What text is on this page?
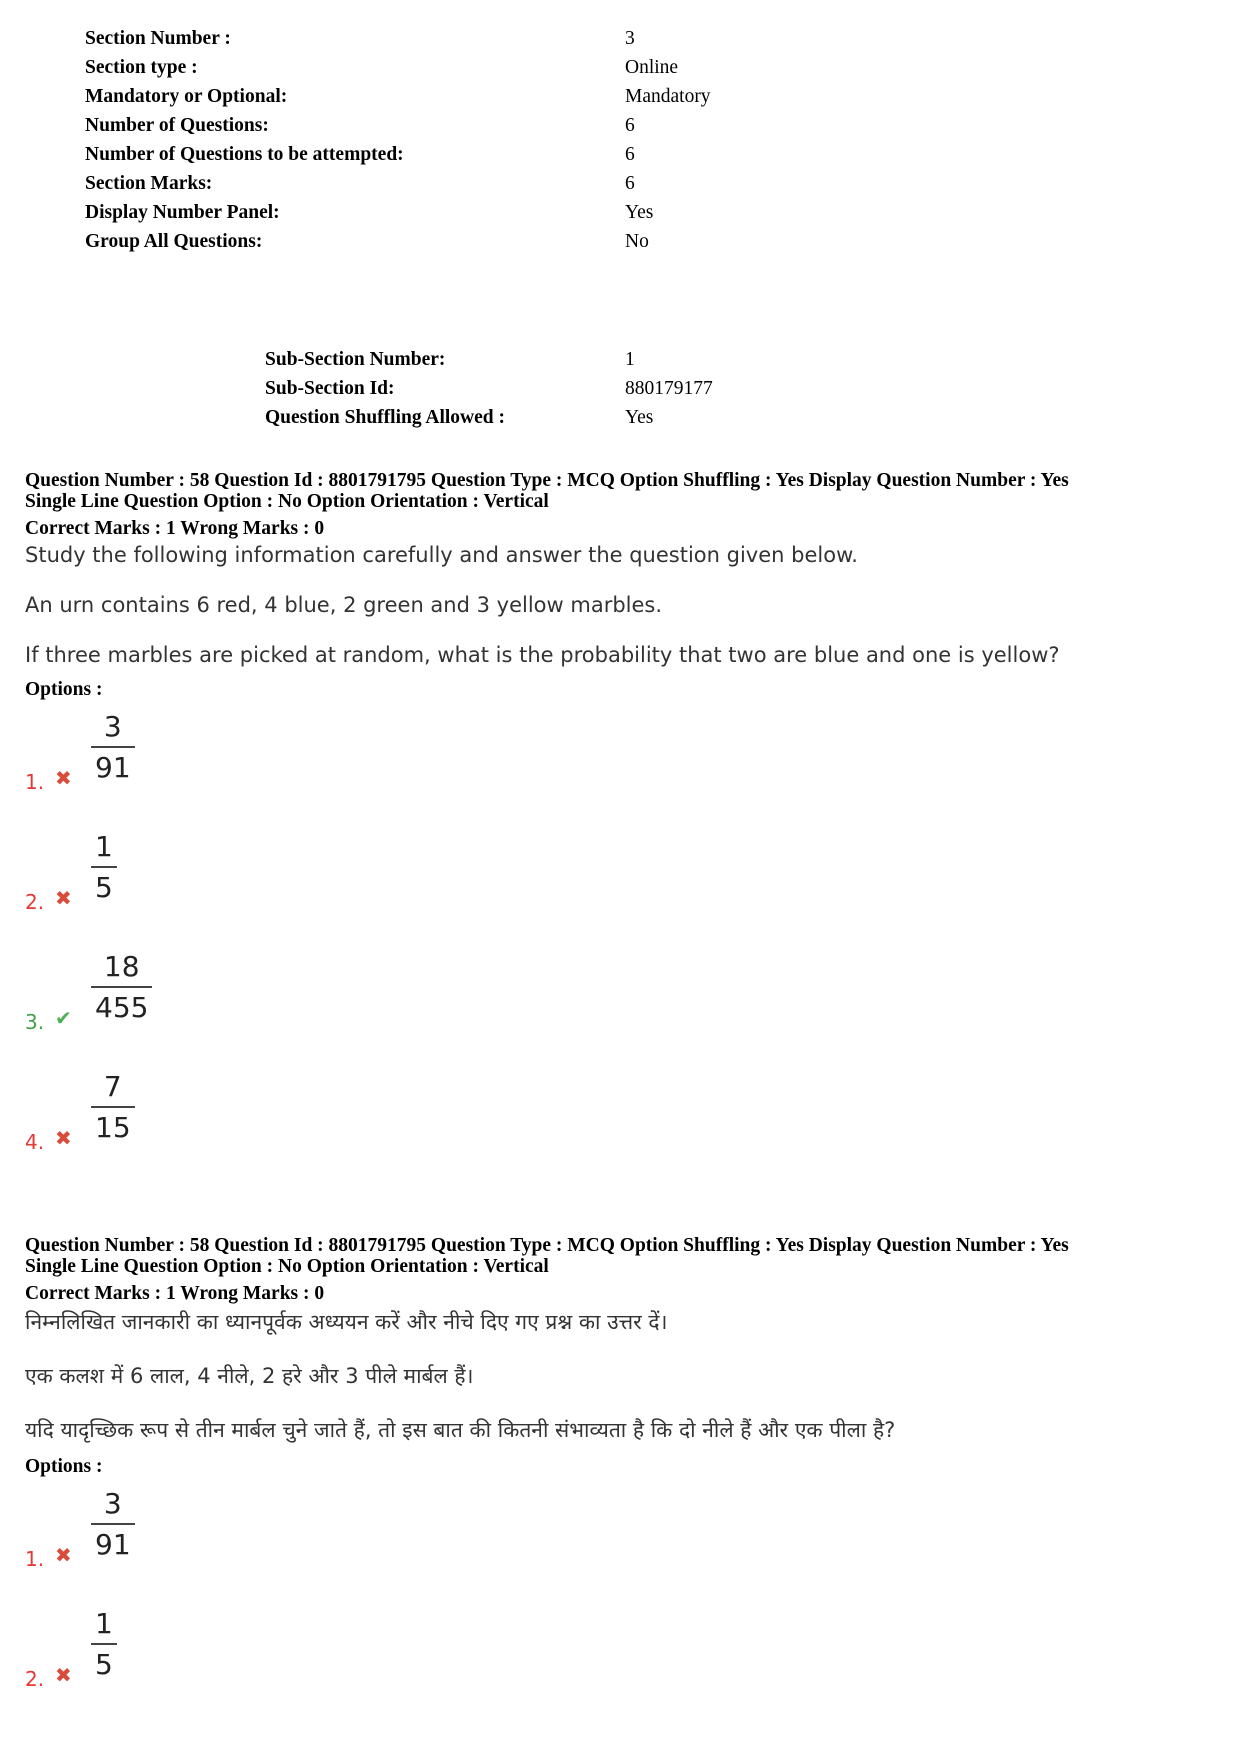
Section Number :	3
Section type :	Online
Mandatory or Optional:	Mandatory
Number of Questions:	6
Number of Questions to be attempted:	6
Section Marks:	6
Display Number Panel:	Yes
Group All Questions:	No
Sub-Section Number:	1
Sub-Section Id:	880179177
Question Shuffling Allowed :	Yes
Question Number : 58 Question Id : 8801791795 Question Type : MCQ Option Shuffling : Yes Display Question Number : Yes
Single Line Question Option : No Option Orientation : Vertical
Correct Marks : 1 Wrong Marks : 0
Study the following information carefully and answer the question given below.
An urn contains 6 red, 4 blue, 2 green and 3 yellow marbles.
If three marbles are picked at random, what is the probability that two are blue and one is yellow?
Options :
1. ✖
3
91
2. ✖
1
5
3. ✔
18
455
4. ✖
7
15
Question Number : 58 Question Id : 8801791795 Question Type : MCQ Option Shuffling : Yes Display Question Number : Yes
Single Line Question Option : No Option Orientation : Vertical
Correct Marks : 1 Wrong Marks : 0
निम्नलिखित जानकारी का ध्यानपूर्वक अध्ययन करें और नीचे दिए गए प्रश्न का उत्तर दें।
एक कलश में 6 लाल, 4 नीले, 2 हरे और 3 पीले मार्बल हैं।
यदि यादृच्छिक रूप से तीन मार्बल चुने जाते हैं, तो इस बात की कितनी संभाव्यता है कि दो नीले हैं और एक पीला है?
Options :
1. ✖
3
91
2. ✖
1
5
